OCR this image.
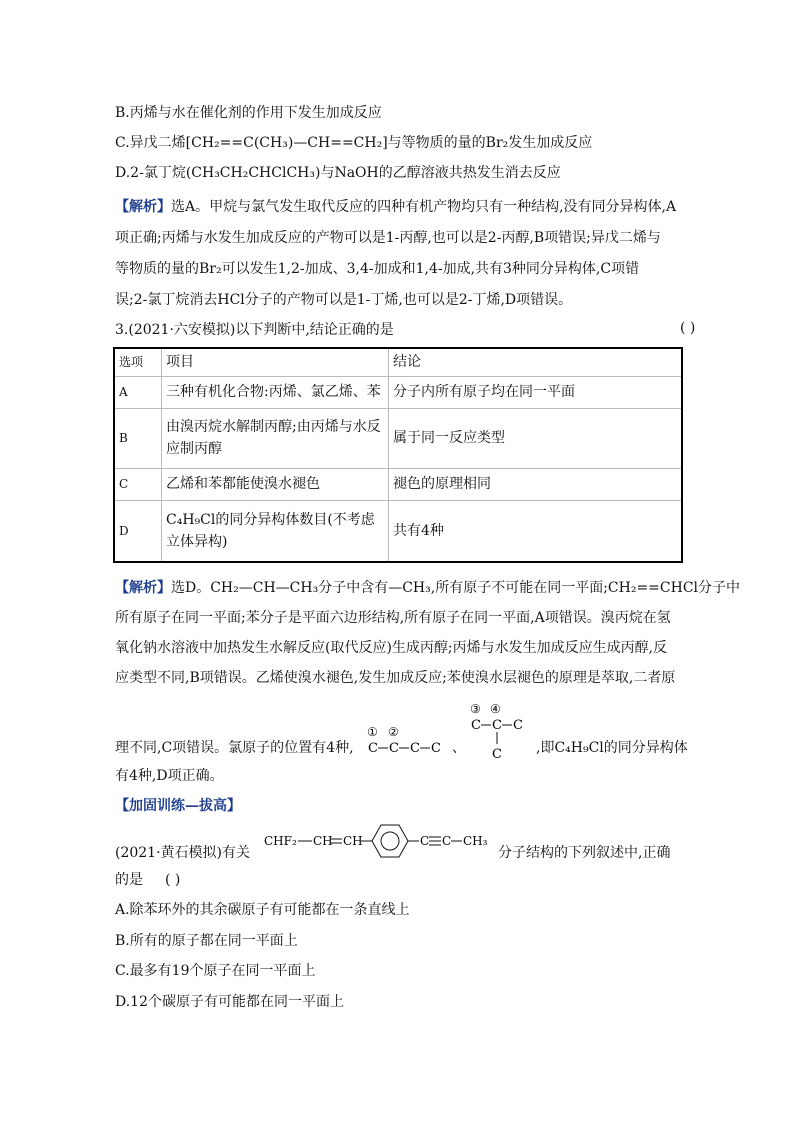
B.丙烯与水在催化剂的作用下发生加成反应
C.异戊二烯[CH₂==C(CH₃)—CH==CH₂]与等物质的量的Br₂发生加成反应
D.2-氯丁烷(CH₃CH₂CHClCH₃)与NaOH的乙醇溶液共热发生消去反应
【解析】选A。甲烷与氯气发生取代反应的四种有机产物均只有一种结构,没有同分异构体,A
项正确;丙烯与水发生加成反应的产物可以是1-丙醇,也可以是2-丙醇,B项错误;异戊二烯与
等物质的量的Br₂可以发生1,2-加成、3,4-加成和1,4-加成,共有3种同分异构体,C项错
误;2-氯丁烷消去HCl分子的产物可以是1-丁烯,也可以是2-丁烯,D项错误。
3.(2021·六安模拟)以下判断中,结论正确的是	( )
选项	项目	结论
A	三种有机化合物:丙烯、氯乙烯、苯	分子内所有原子均在同一平面
B	由溴丙烷水解制丙醇;由丙烯与水反应制丙醇	属于同一反应类型
C	乙烯和苯都能使溴水褪色	褪色的原理相同
D	C₄H₉Cl的同分异构体数目(不考虑立体异构)	共有4种
【解析】选D。CH₂—CH—CH₃分子中含有—CH₃,所有原子不可能在同一平面;CH₂==CHCl分子中
所有原子在同一平面;苯分子是平面六边形结构,所有原子在同一平面,A项错误。溴丙烷在氢
氧化钠水溶液中加热发生水解反应(取代反应)生成丙醇;丙烯与水发生加成反应生成丙醇,反
应类型不同,B项错误。乙烯使溴水褪色,发生加成反应;苯使溴水层褪色的原理是萃取,二者原
理不同,C项错误。氯原子的位置有4种,
① ②
C C C C 、
③ ④
C C C
C ,即C₄H₉Cl的同分异构体
有4种,D项正确。
【加固训练—拔高】
(2021·黄石模拟)有关
CHF₂ CH CH	C C CH₃
分子结构的下列叙述中,正确
的是 ( )
A.除苯环外的其余碳原子有可能都在一条直线上
B.所有的原子都在同一平面上
C.最多有19个原子在同一平面上
D.12个碳原子有可能都在同一平面上
